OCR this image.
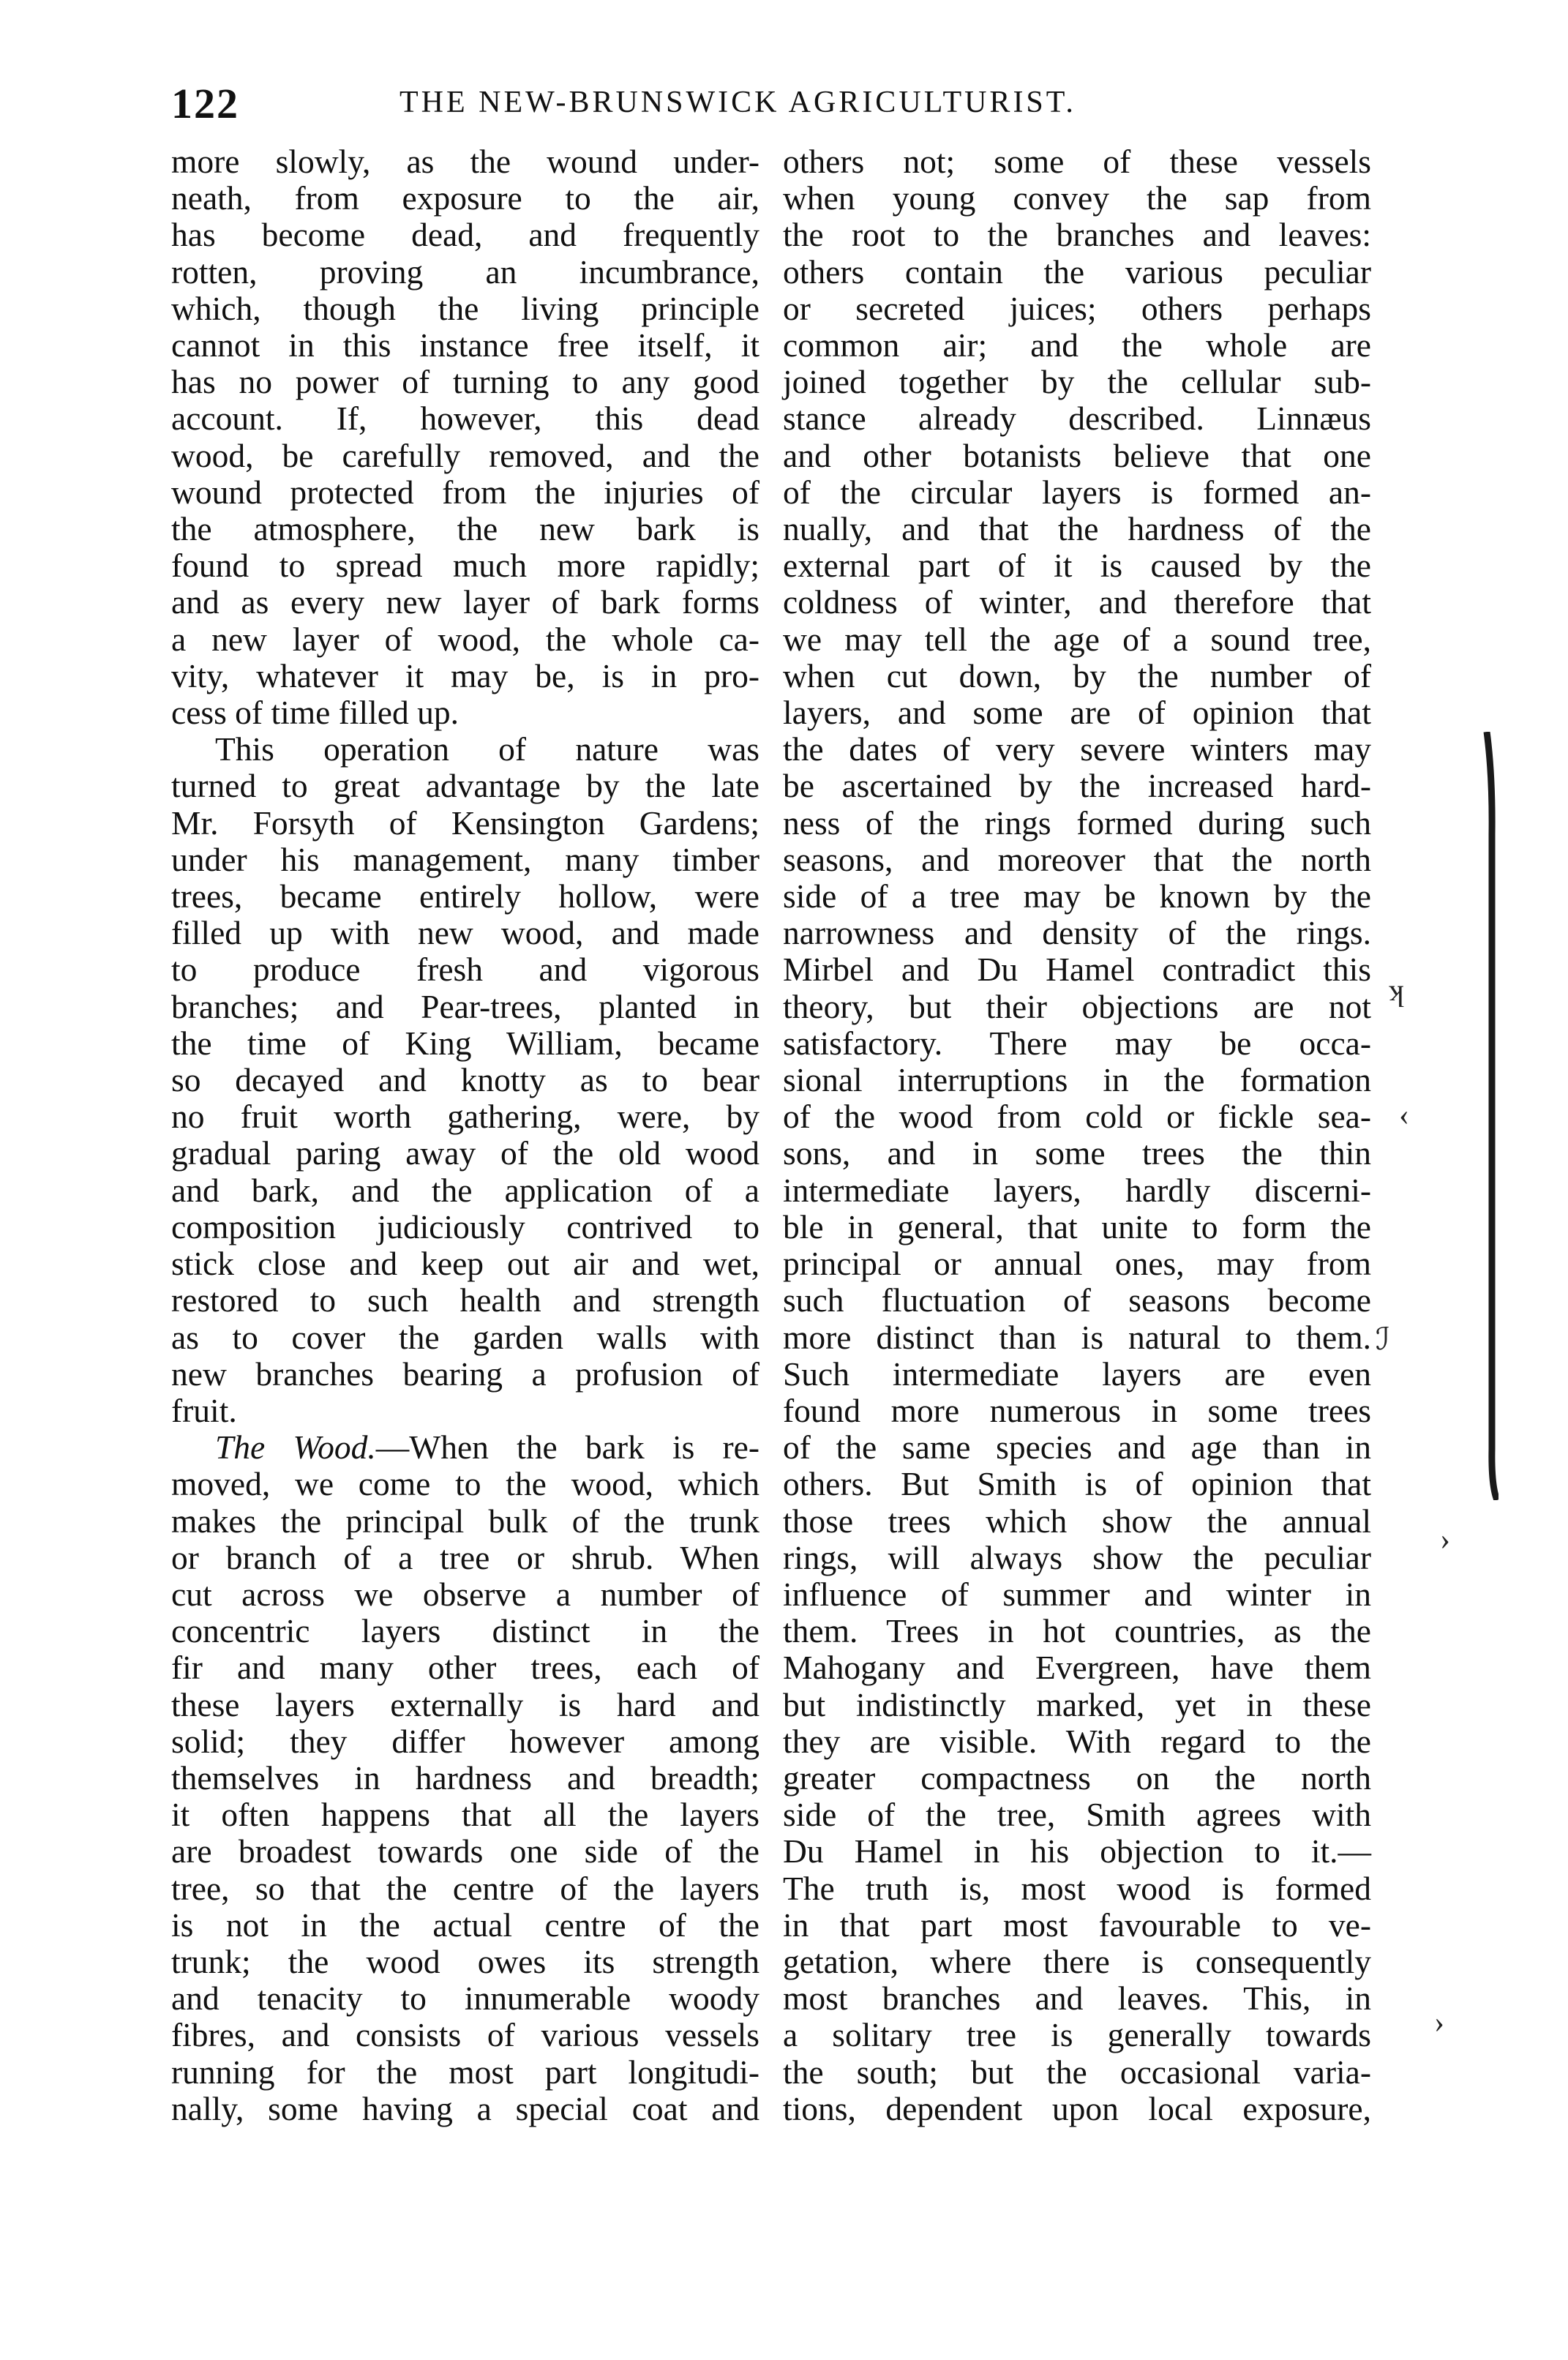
122	THE NEW-BRUNSWICK AGRICULTURIST.
more slowly, as the wound under-
neath, from exposure to the air,
has become dead, and frequently
rotten, proving an incumbrance,
which, though the living principle
cannot in this instance free itself, it
has no power of turning to any good
account. If, however, this dead
wood, be carefully removed, and the
wound protected from the injuries of
the atmosphere, the new bark is
found to spread much more rapidly;
and as every new layer of bark forms
a new layer of wood, the whole ca-
vity, whatever it may be, is in pro-
cess of time filled up.
This operation of nature was
turned to great advantage by the late
Mr. Forsyth of Kensington Gardens;
under his management, many timber
trees, became entirely hollow, were
filled up with new wood, and made
to produce fresh and vigorous
branches; and Pear-trees, planted in
the time of King William, became
so decayed and knotty as to bear
no fruit worth gathering, were, by
gradual paring away of the old wood
and bark, and the application of a
composition judiciously contrived to
stick close and keep out air and wet,
restored to such health and strength
as to cover the garden walls with
new branches bearing a profusion of
fruit.
The Wood.—When the bark is re-
moved, we come to the wood, which
makes the principal bulk of the trunk
or branch of a tree or shrub. When
cut across we observe a number of
concentric layers distinct in the
fir and many other trees, each of
these layers externally is hard and
solid; they differ however among
themselves in hardness and breadth;
it often happens that all the layers
are broadest towards one side of the
tree, so that the centre of the layers
is not in the actual centre of the
trunk; the wood owes its strength
and tenacity to innumerable woody
fibres, and consists of various vessels
running for the most part longitudi-
nally, some having a special coat and
others not; some of these vessels
when young convey the sap from
the root to the branches and leaves:
others contain the various peculiar
or secreted juices; others perhaps
common air; and the whole are
joined together by the cellular sub-
stance already described. Linnæus
and other botanists believe that one
of the circular layers is formed an-
nually, and that the hardness of the
external part of it is caused by the
coldness of winter, and therefore that
we may tell the age of a sound tree,
when cut down, by the number of
layers, and some are of opinion that
the dates of very severe winters may
be ascertained by the increased hard-
ness of the rings formed during such
seasons, and moreover that the north
side of a tree may be known by the
narrowness and density of the rings.
Mirbel and Du Hamel contradict this
theory, but their objections are not
satisfactory. There may be occa-
sional interruptions in the formation
of the wood from cold or fickle sea-
sons, and in some trees the thin
intermediate layers, hardly discerni-
ble in general, that unite to form the
principal or annual ones, may from
such fluctuation of seasons become
more distinct than is natural to them.
Such intermediate layers are even
found more numerous in some trees
of the same species and age than in
others. But Smith is of opinion that
those trees which show the annual
rings, will always show the peculiar
influence of summer and winter in
them. Trees in hot countries, as the
Mahogany and Evergreen, have them
but indistinctly marked, yet in these
they are visible. With regard to the
greater compactness on the north
side of the tree, Smith agrees with
Du Hamel in his objection to it.—
The truth is, most wood is formed
in that part most favourable to ve-
getation, where there is consequently
most branches and leaves. This, in
a solitary tree is generally towards
the south; but the occasional varia-
tions, dependent upon local exposure,
ʞ
‹
ℐ
›
›
